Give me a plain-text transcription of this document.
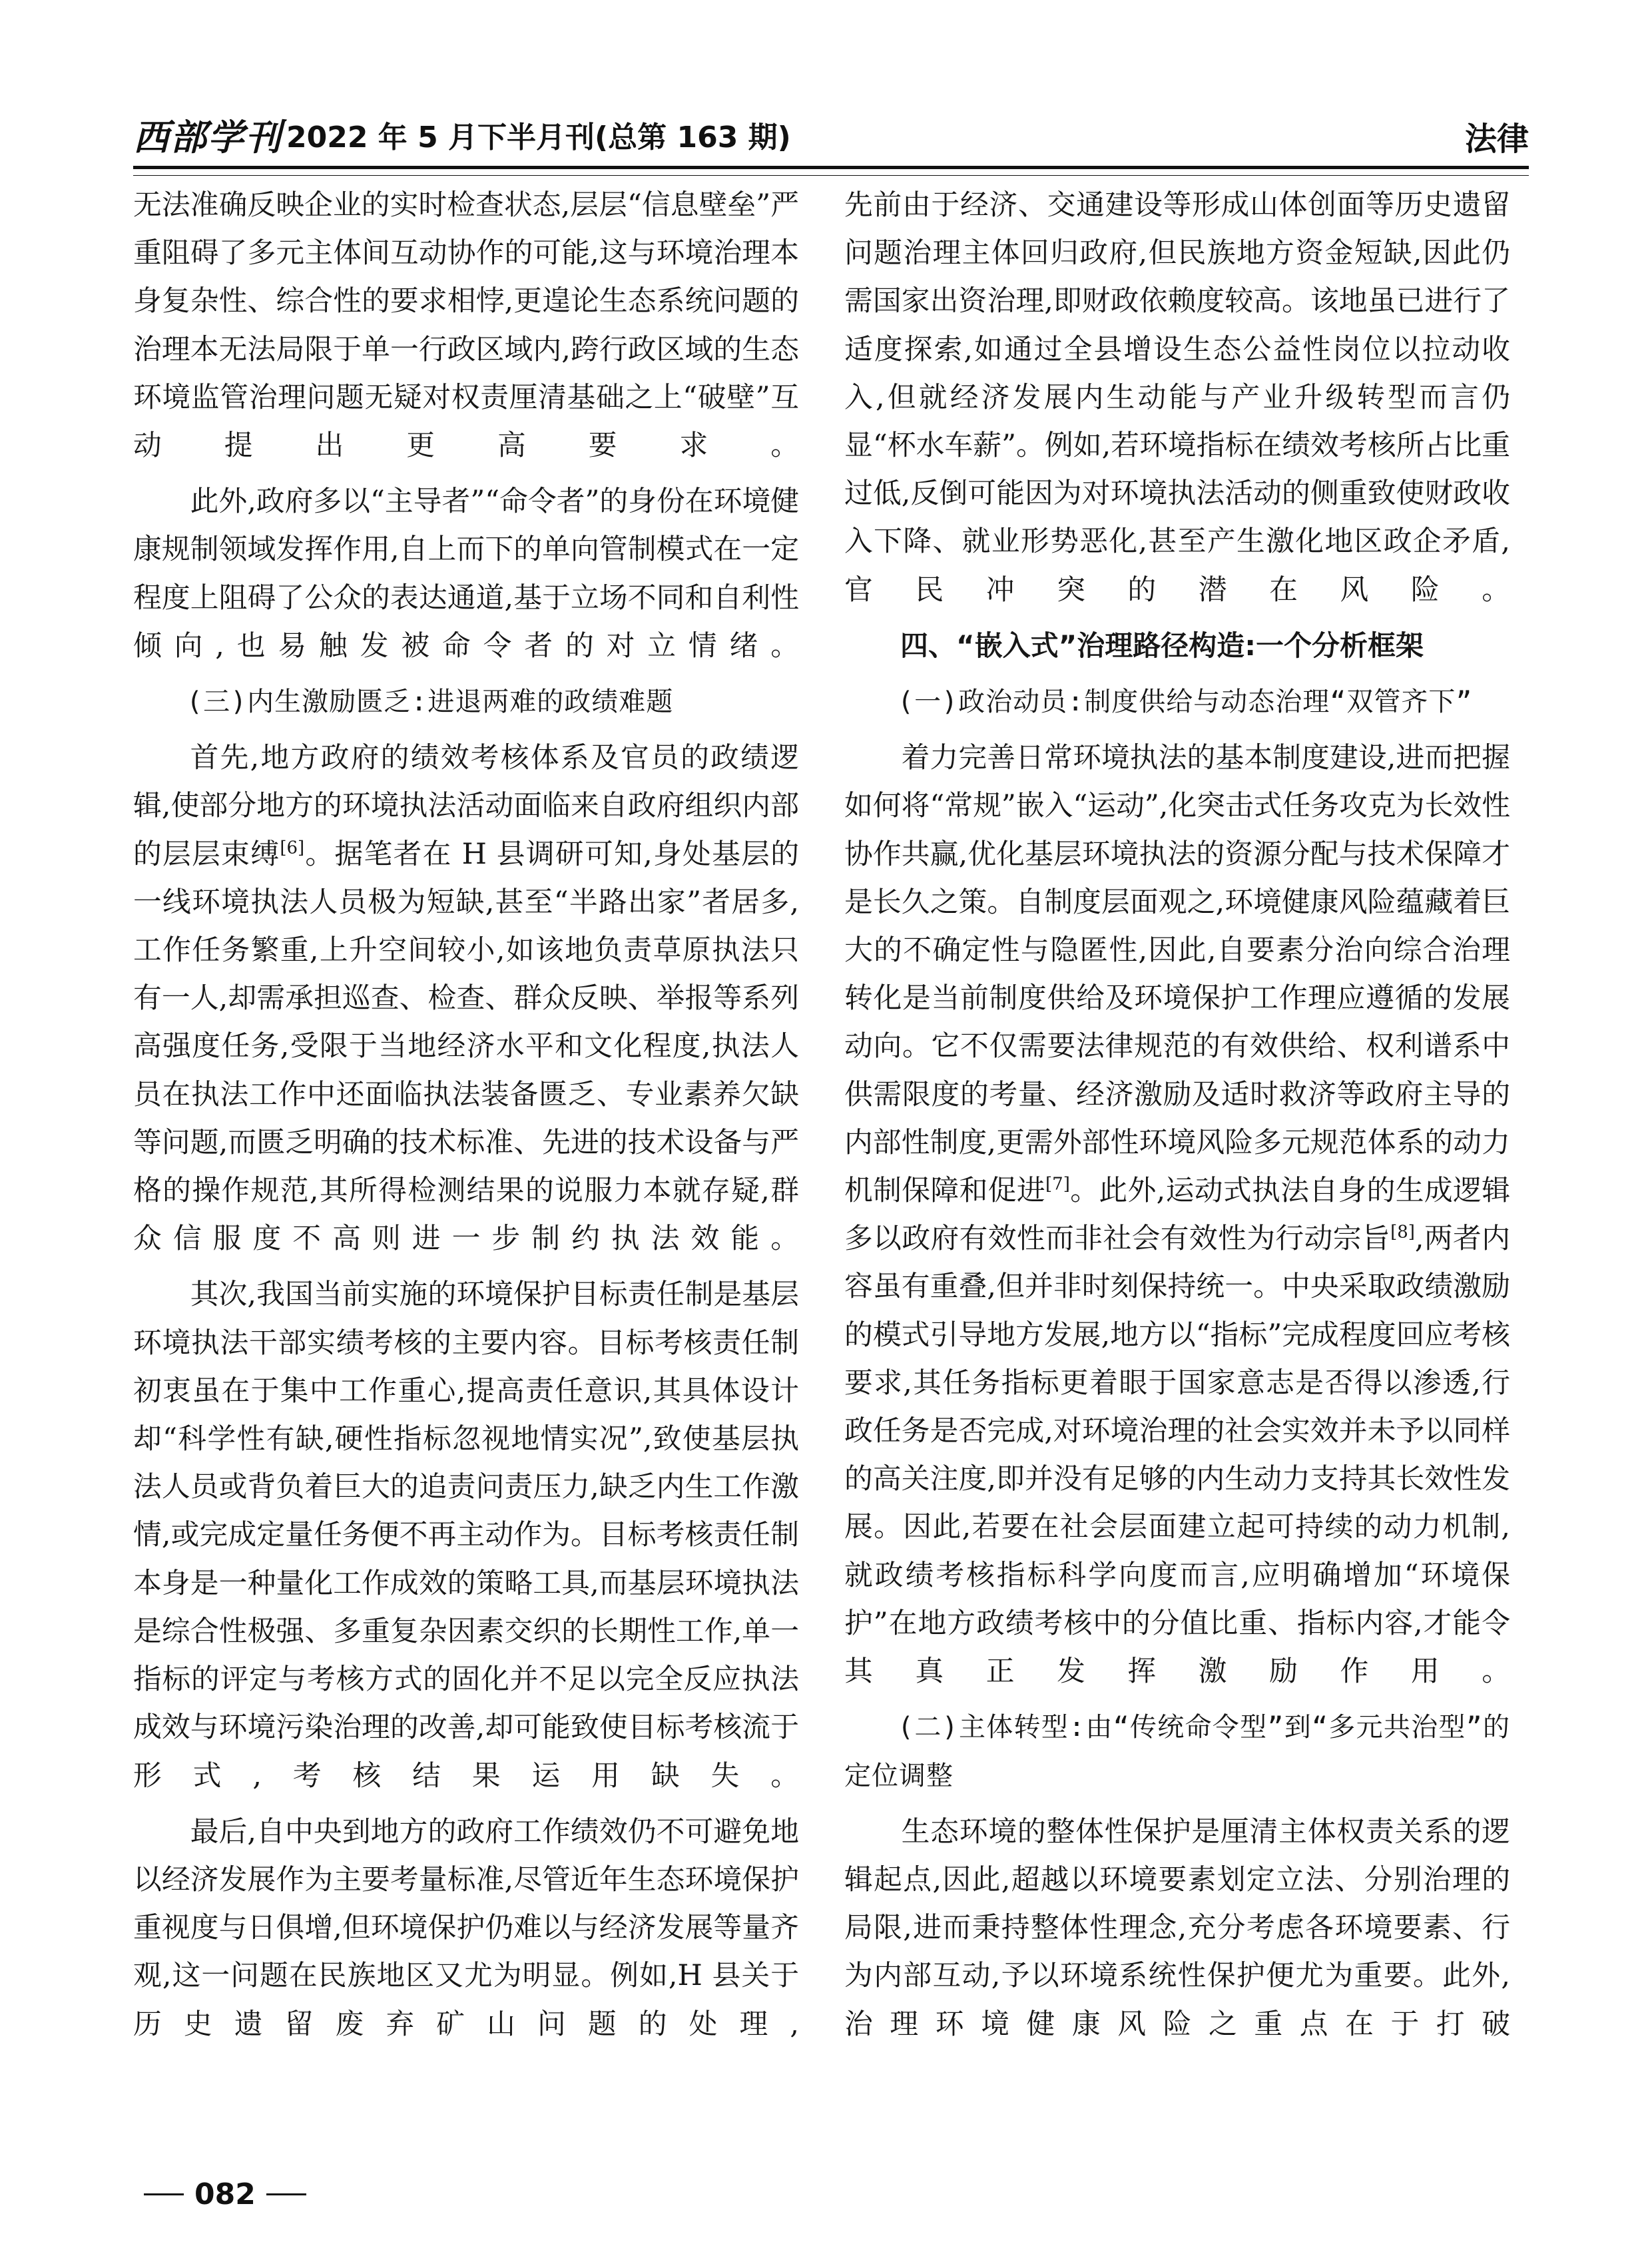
西部学刊 2022 年 5 月下半月刊(总第 163 期)	法律

无法准确反映企业的实时检查状态,层层“信息壁垒”严重阻碍了多元主体间互动协作的可能,这与环境治理本身复杂性、综合性的要求相悖,更遑论生态系统问题的治理本无法局限于单一行政区域内,跨行政区域的生态环境监管治理问题无疑对权责厘清基础之上“破壁”互动提出更高要求。

此外,政府多以“主导者”“命令者”的身份在环境健康规制领域发挥作用,自上而下的单向管制模式在一定程度上阻碍了公众的表达通道,基于立场不同和自利性倾向,也易触发被命令者的对立情绪。

(三)内生激励匮乏:进退两难的政绩难题

首先,地方政府的绩效考核体系及官员的政绩逻辑,使部分地方的环境执法活动面临来自政府组织内部的层层束缚[6]。据笔者在 H 县调研可知,身处基层的一线环境执法人员极为短缺,甚至“半路出家”者居多,工作任务繁重,上升空间较小,如该地负责草原执法只有一人,却需承担巡查、检查、群众反映、举报等系列高强度任务,受限于当地经济水平和文化程度,执法人员在执法工作中还面临执法装备匮乏、专业素养欠缺等问题,而匮乏明确的技术标准、先进的技术设备与严格的操作规范,其所得检测结果的说服力本就存疑,群众信服度不高则进一步制约执法效能。

其次,我国当前实施的环境保护目标责任制是基层环境执法干部实绩考核的主要内容。目标考核责任制初衷虽在于集中工作重心,提高责任意识,其具体设计却“科学性有缺,硬性指标忽视地情实况”,致使基层执法人员或背负着巨大的追责问责压力,缺乏内生工作激情,或完成定量任务便不再主动作为。目标考核责任制本身是一种量化工作成效的策略工具,而基层环境执法是综合性极强、多重复杂因素交织的长期性工作,单一指标的评定与考核方式的固化并不足以完全反应执法成效与环境污染治理的改善,却可能致使目标考核流于形式,考核结果运用缺失。

最后,自中央到地方的政府工作绩效仍不可避免地以经济发展作为主要考量标准,尽管近年生态环境保护重视度与日俱增,但环境保护仍难以与经济发展等量齐观,这一问题在民族地区又尤为明显。例如,H 县关于历史遗留废弃矿山问题的处理,

先前由于经济、交通建设等形成山体创面等历史遗留问题治理主体回归政府,但民族地方资金短缺,因此仍需国家出资治理,即财政依赖度较高。该地虽已进行了适度探索,如通过全县增设生态公益性岗位以拉动收入,但就经济发展内生动能与产业升级转型而言仍显“杯水车薪”。例如,若环境指标在绩效考核所占比重过低,反倒可能因为对环境执法活动的侧重致使财政收入下降、就业形势恶化,甚至产生激化地区政企矛盾,官民冲突的潜在风险。

四、“嵌入式”治理路径构造:一个分析框架

(一)政治动员:制度供给与动态治理“双管齐下”

着力完善日常环境执法的基本制度建设,进而把握如何将“常规”嵌入“运动”,化突击式任务攻克为长效性协作共赢,优化基层环境执法的资源分配与技术保障才是长久之策。自制度层面观之,环境健康风险蕴藏着巨大的不确定性与隐匿性,因此,自要素分治向综合治理转化是当前制度供给及环境保护工作理应遵循的发展动向。它不仅需要法律规范的有效供给、权利谱系中供需限度的考量、经济激励及适时救济等政府主导的内部性制度,更需外部性环境风险多元规范体系的动力机制保障和促进[7]。此外,运动式执法自身的生成逻辑多以政府有效性而非社会有效性为行动宗旨[8],两者内容虽有重叠,但并非时刻保持统一。中央采取政绩激励的模式引导地方发展,地方以“指标”完成程度回应考核要求,其任务指标更着眼于国家意志是否得以渗透,行政任务是否完成,对环境治理的社会实效并未予以同样的高关注度,即并没有足够的内生动力支持其长效性发展。因此,若要在社会层面建立起可持续的动力机制,就政绩考核指标科学向度而言,应明确增加“环境保护”在地方政绩考核中的分值比重、指标内容,才能令其真正发挥激励作用。

(二)主体转型:由“传统命令型”到“多元共治型”的定位调整

生态环境的整体性保护是厘清主体权责关系的逻辑起点,因此,超越以环境要素划定立法、分别治理的局限,进而秉持整体性理念,充分考虑各环境要素、行为内部互动,予以环境系统性保护便尤为重要。此外,治理环境健康风险之重点在于打破

082
